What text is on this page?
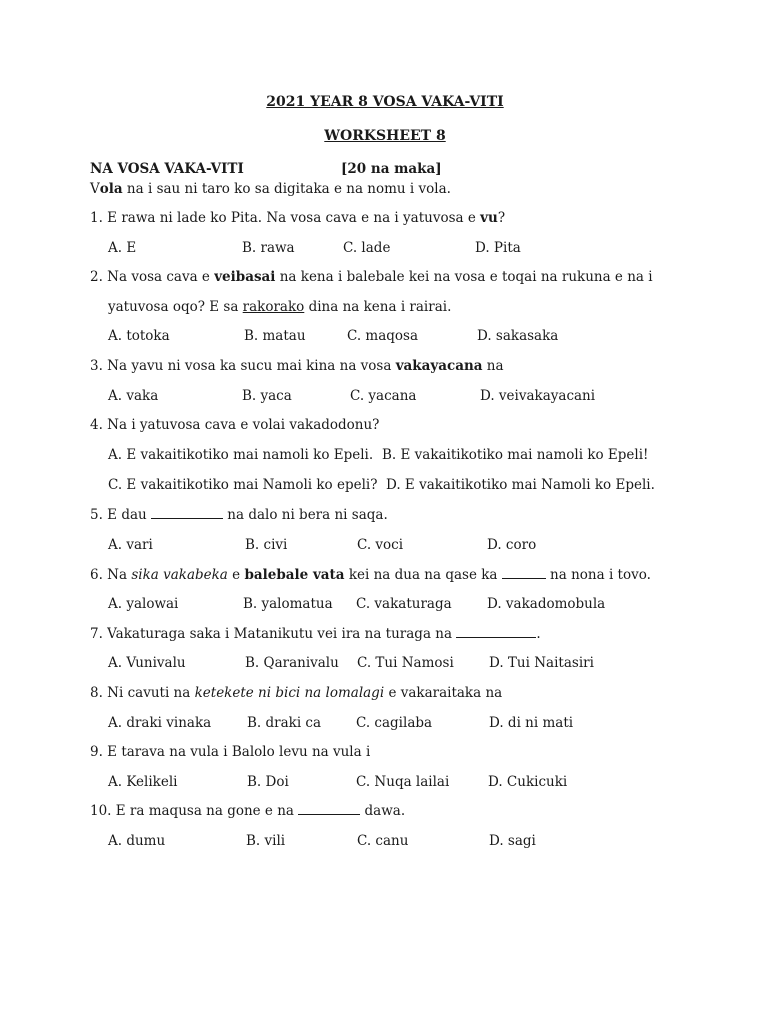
2021 YEAR 8 VOSA VAKA-VITI
WORKSHEET 8
NA VOSA VAKA-VITI	[20 na maka]
Vola na i sau ni taro ko sa digitaka e na nomu i vola.
1. E rawa ni lade ko Pita. Na vosa cava e na i yatuvosa e vu?
A. E	B. rawa	C. lade	D. Pita
2. Na vosa cava e veibasai na kena i balebale kei na vosa e toqai na rukuna e na i
yatuvosa oqo? E sa rakorako dina na kena i rairai.
A. totoka	B. matau	C. maqosa	D. sakasaka
3. Na yavu ni vosa ka sucu mai kina na vosa vakayacana na
A. vaka	B. yaca	C. yacana	D. veivakayacani
4. Na i yatuvosa cava e volai vakadodonu?
A. E vakaitikotiko mai namoli ko Epeli. B. E vakaitikotiko mai namoli ko Epeli!
C. E vakaitikotiko mai Namoli ko epeli? D. E vakaitikotiko mai Namoli ko Epeli.
5. E dau	na dalo ni bera ni saqa.
A. vari	B. civi	C. voci	D. coro
6. Na sika vakabeka e balebale vata kei na dua na qase ka	na nona i tovo.
A. yalowai	B. yalomatua C. vakaturaga	D. vakadomobula
7. Vakaturaga saka i Matanikutu vei ira na turaga na	.
A. Vunivalu	B. Qaranivalu C. Tui Namosi	D. Tui Naitasiri
8. Ni cavuti na ketekete ni bici na lomalagi e vakaraitaka na
A. draki vinaka	B. draki ca	C. cagilaba	D. di ni mati
9. E tarava na vula i Balolo levu na vula i
A. Kelikeli	B. Doi	C. Nuqa lailai	D. Cukicuki
10. E ra maqusa na gone e na	dawa.
A. dumu	B. vili	C. canu	D. sagi
